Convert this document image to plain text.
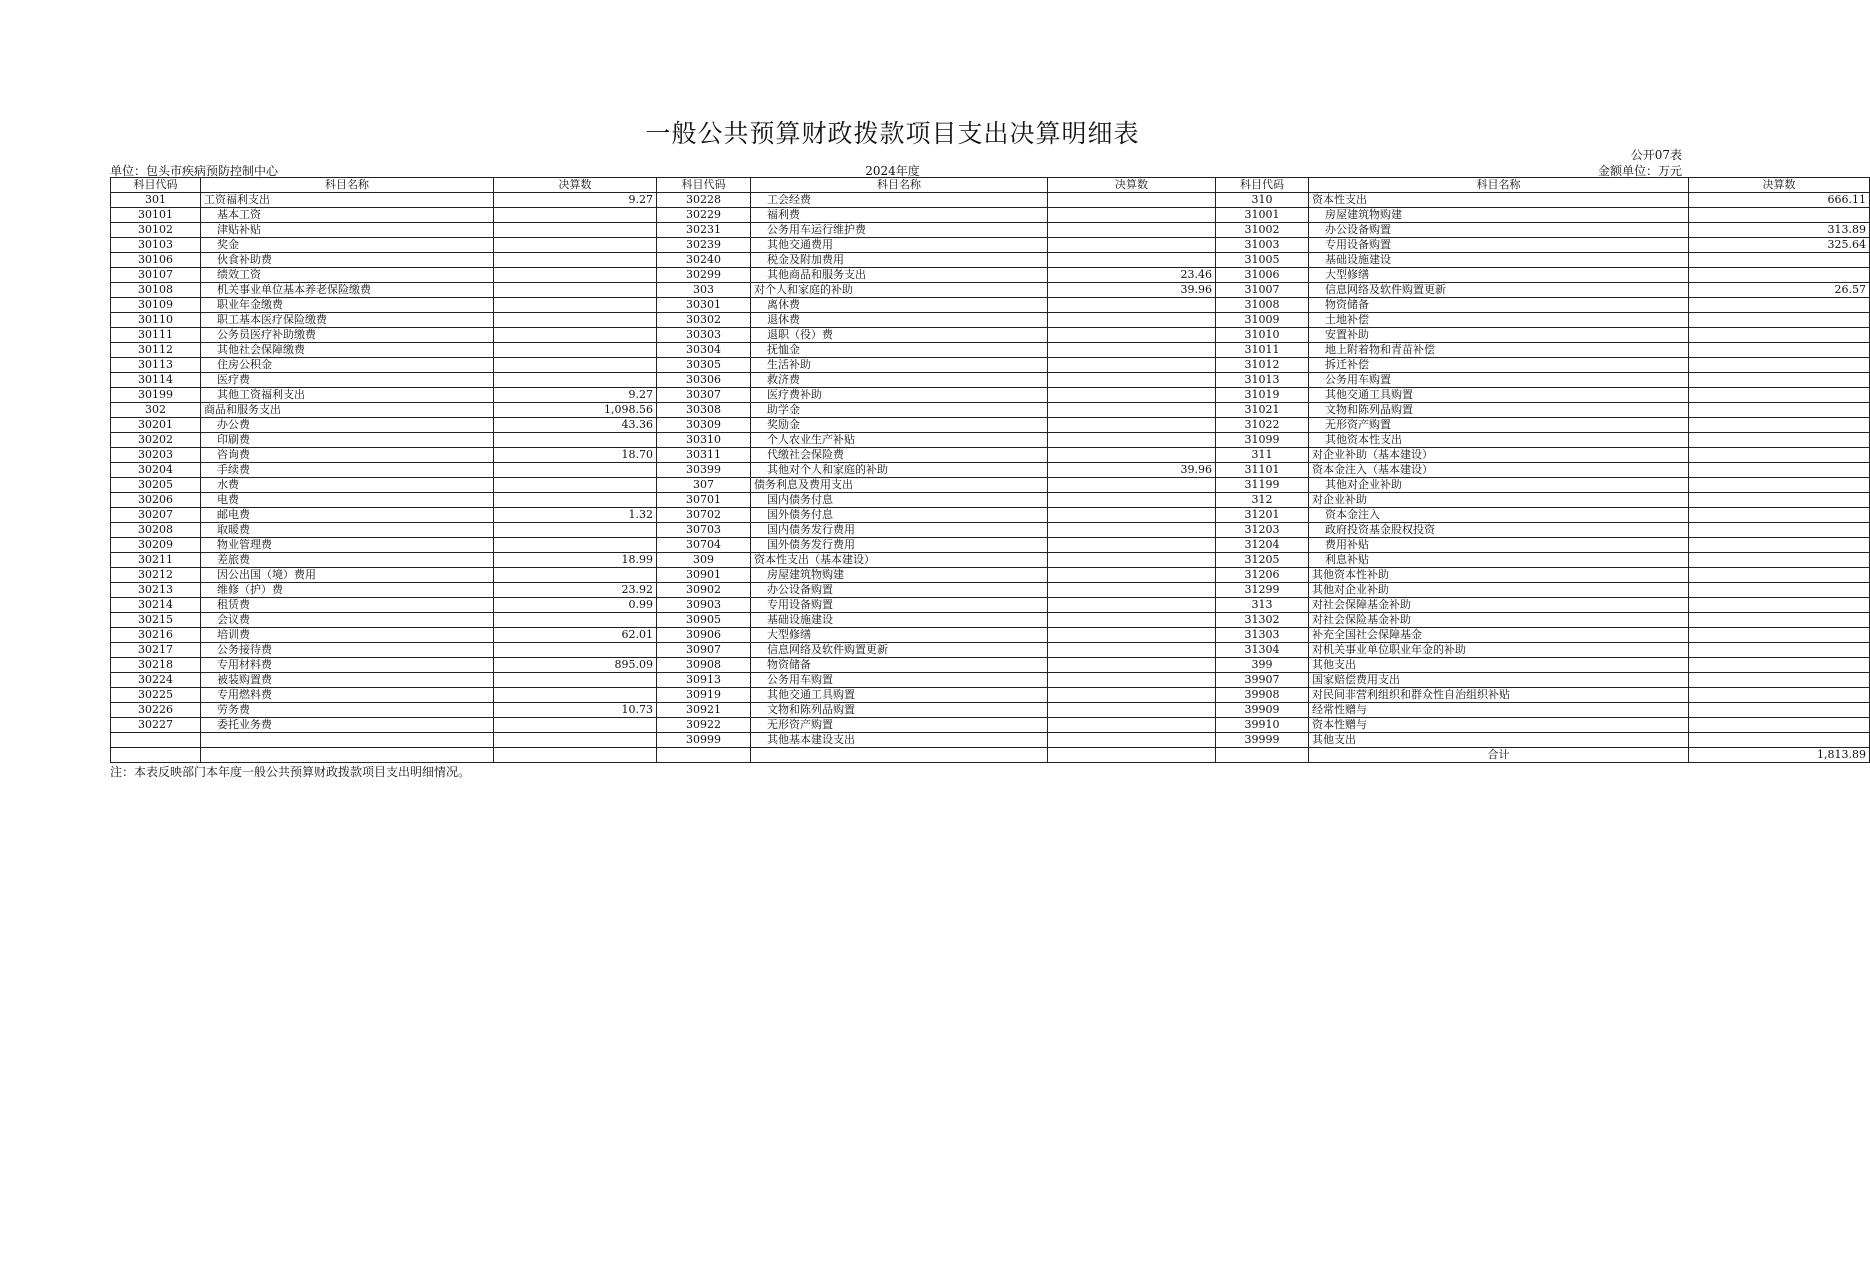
一般公共预算财政拨款项目支出决算明细表
公开07表
单位：包头市疾病预防控制中心	2024年度	金额单位：万元
科目代码	科目名称	决算数	科目代码	科目名称	决算数	科目代码	科目名称	决算数
301	工资福利支出	9.27	30228	工会经费		310	资本性支出	666.11
30101	基本工资		30229	福利费		31001	房屋建筑物购建	
30102	津贴补贴		30231	公务用车运行维护费		31002	办公设备购置	313.89
30103	奖金		30239	其他交通费用		31003	专用设备购置	325.64
30106	伙食补助费		30240	税金及附加费用		31005	基础设施建设	
30107	绩效工资		30299	其他商品和服务支出	23.46	31006	大型修缮	
30108	机关事业单位基本养老保险缴费		303	对个人和家庭的补助	39.96	31007	信息网络及软件购置更新	26.57
30109	职业年金缴费		30301	离休费		31008	物资储备	
30110	职工基本医疗保险缴费		30302	退休费		31009	土地补偿	
30111	公务员医疗补助缴费		30303	退职（役）费		31010	安置补助	
30112	其他社会保障缴费		30304	抚恤金		31011	地上附着物和青苗补偿	
30113	住房公积金		30305	生活补助		31012	拆迁补偿	
30114	医疗费		30306	救济费		31013	公务用车购置	
30199	其他工资福利支出	9.27	30307	医疗费补助		31019	其他交通工具购置	
302	商品和服务支出	1,098.56	30308	助学金		31021	文物和陈列品购置	
30201	办公费	43.36	30309	奖励金		31022	无形资产购置	
30202	印刷费		30310	个人农业生产补贴		31099	其他资本性支出	
30203	咨询费	18.70	30311	代缴社会保险费		311	对企业补助（基本建设）	
30204	手续费		30399	其他对个人和家庭的补助	39.96	31101	资本金注入（基本建设）	
30205	水费		307	债务利息及费用支出		31199	其他对企业补助	
30206	电费		30701	国内债务付息		312	对企业补助	
30207	邮电费	1.32	30702	国外债务付息		31201	资本金注入	
30208	取暖费		30703	国内债务发行费用		31203	政府投资基金股权投资	
30209	物业管理费		30704	国外债务发行费用		31204	费用补贴	
30211	差旅费	18.99	309	资本性支出（基本建设）		31205	利息补贴	
30212	因公出国（境）费用		30901	房屋建筑物购建		31206	其他资本性补助	
30213	维修（护）费	23.92	30902	办公设备购置		31299	其他对企业补助	
30214	租赁费	0.99	30903	专用设备购置		313	对社会保障基金补助	
30215	会议费		30905	基础设施建设		31302	对社会保险基金补助	
30216	培训费	62.01	30906	大型修缮		31303	补充全国社会保障基金	
30217	公务接待费		30907	信息网络及软件购置更新		31304	对机关事业单位职业年金的补助	
30218	专用材料费	895.09	30908	物资储备		399	其他支出	
30224	被装购置费		30913	公务用车购置		39907	国家赔偿费用支出	
30225	专用燃料费		30919	其他交通工具购置		39908	对民间非营利组织和群众性自治组织补贴	
30226	劳务费	10.73	30921	文物和陈列品购置		39909	经常性赠与	
30227	委托业务费		30922	无形资产购置		39910	资本性赠与	
			30999	其他基本建设支出		39999	其他支出	
							合计	1,813.89
注：本表反映部门本年度一般公共预算财政拨款项目支出明细情况。
